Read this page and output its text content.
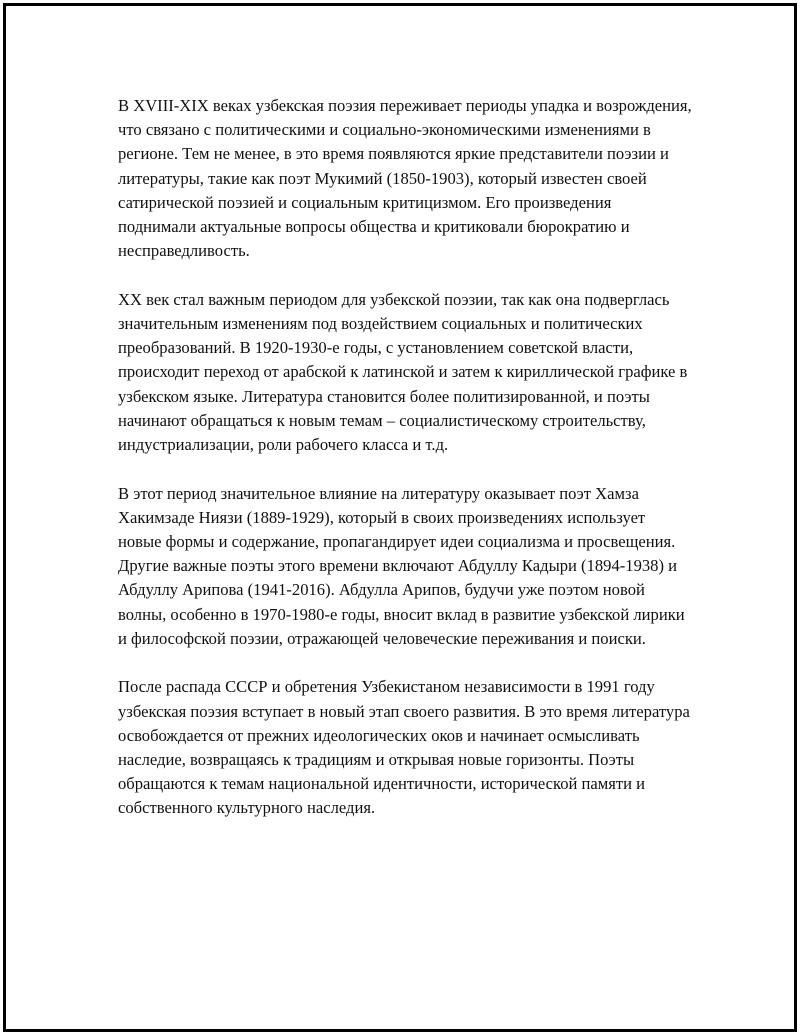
В XVIII-XIX веках узбекская поэзия переживает периоды упадка и возрождения, что связано с политическими и социально-экономическими изменениями в регионе. Тем не менее, в это время появляются яркие представители поэзии и литературы, такие как поэт Мукимий (1850-1903), который известен своей сатирической поэзией и социальным критицизмом. Его произведения поднимали актуальные вопросы общества и критиковали бюрократию и несправедливость.

XX век стал важным периодом для узбекской поэзии, так как она подверглась значительным изменениям под воздействием социальных и политических преобразований. В 1920-1930-е годы, с установлением советской власти, происходит переход от арабской к латинской и затем к кириллической графике в узбекском языке. Литература становится более политизированной, и поэты начинают обращаться к новым темам – социалистическому строительству, индустриализации, роли рабочего класса и т.д.

В этот период значительное влияние на литературу оказывает поэт Хамза Хакимзаде Ниязи (1889-1929), который в своих произведениях использует новые формы и содержание, пропагандирует идеи социализма и просвещения. Другие важные поэты этого времени включают Абдуллу Кадыри (1894-1938) и Абдуллу Арипова (1941-2016). Абдулла Арипов, будучи уже поэтом новой волны, особенно в 1970-1980-е годы, вносит вклад в развитие узбекской лирики и философской поэзии, отражающей человеческие переживания и поиски.

После распада СССР и обретения Узбекистаном независимости в 1991 году узбекская поэзия вступает в новый этап своего развития. В это время литература освобождается от прежних идеологических оков и начинает осмысливать наследие, возвращаясь к традициям и открывая новые горизонты. Поэты обращаются к темам национальной идентичности, исторической памяти и собственного культурного наследия.
